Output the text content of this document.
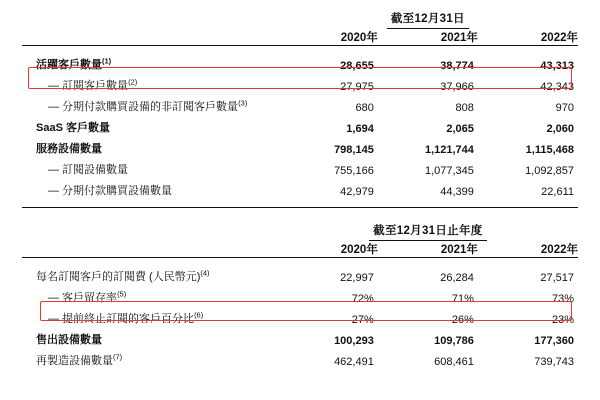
	截至12月31日		
	2020年	2021年	2022年

活躍客戶數量$^{(1)}$	28,655	38,774	43,313
— 訂閱客戶數量$^{(2)}$	27,975	37,966	42,343
— 分期付款購買設備的非訂閱客戶數量$^{(3)}$	680	808	970
SaaS 客戶數量	1,694	2,065	2,060
服務設備數量	798,145	1,121,744	1,115,468
— 訂閱設備數量	755,166	1,077,345	1,092,857
— 分期付款購買設備數量	42,979	44,399	22,611

	截至12月31日止年度		
	2020年	2021年	2022年

每名訂閱客戶的訂閱費 (人民幣元)$^{(4)}$	22,997	26,284	27,517
— 客戶留存率$^{(5)}$	72%	71%	73%
— 提前終止訂閱的客戶百分比$^{(6)}$	27%	26%	23%
售出設備數量	100,293	109,786	177,360
再製造設備數量$^{(7)}$	462,491	608,461	739,743
